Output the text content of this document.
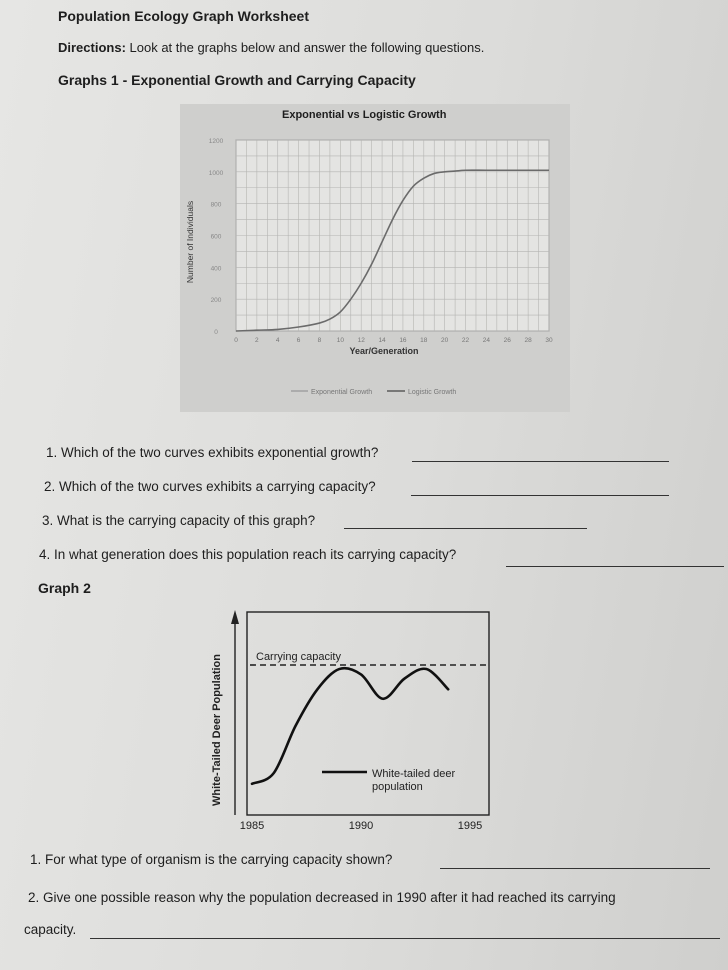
Population Ecology Graph Worksheet
Directions: Look at the graphs below and answer the following questions.
Graphs 1 - Exponential Growth and Carrying Capacity
Exponential vs Logistic Growth
0
200
400
600
800
1000
1200
0	2	4	6	8 10 12 14 16 18 20 22 24 26 28 30
Year/Generation
Number of Individuals
Exponential Growth	Logistic Growth
1. Which of the two curves exhibits exponential growth?
2. Which of the two curves exhibits a carrying capacity?
3. What is the carrying capacity of this graph?
4. In what generation does this population reach its carrying capacity?
Graph 2
Carrying capacity
White-tailed deer
population
White-Tailed Deer Population
1985	1990	1995
1. For what type of organism is the carrying capacity shown?
2. Give one possible reason why the population decreased in 1990 after it had reached its carrying
capacity.
